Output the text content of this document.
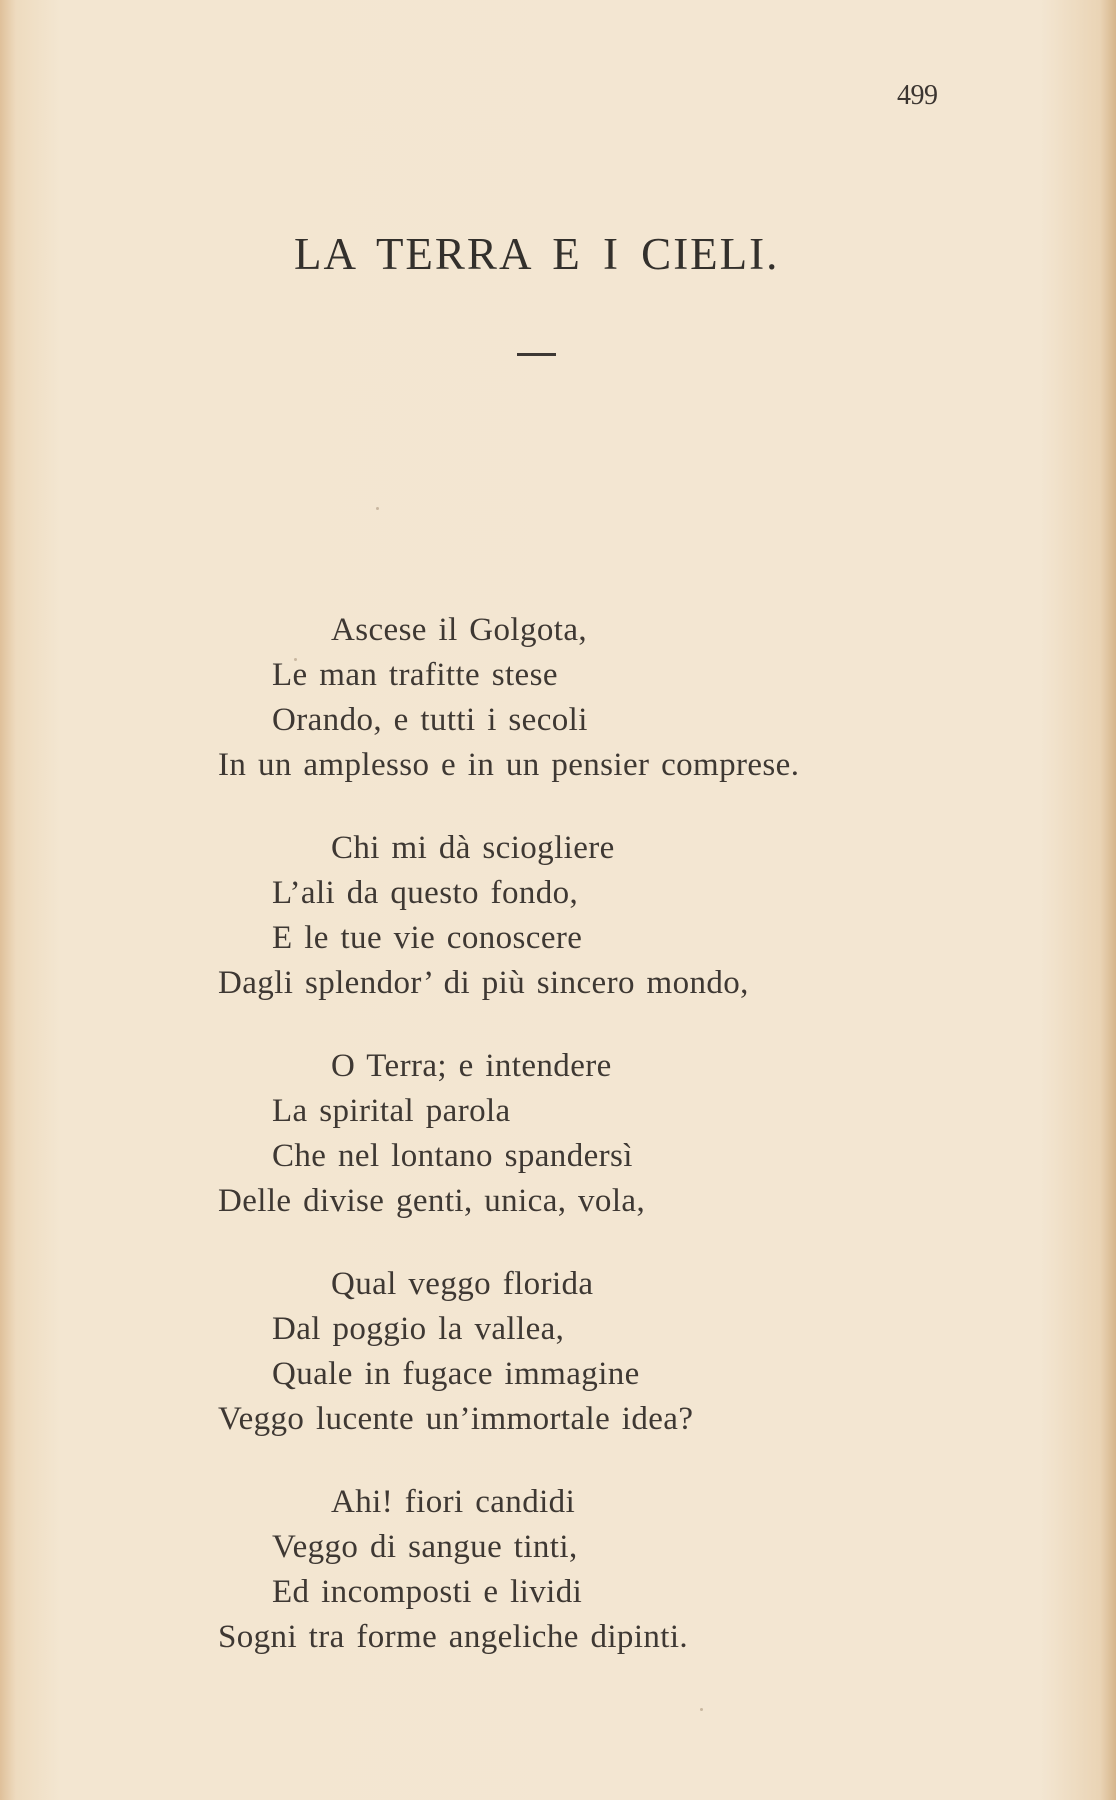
499
LA TERRA E I CIELI.
Ascese il Golgota,
Le man trafitte stese
Orando, e tutti i secoli
In un amplesso e in un pensier comprese.
Chi mi dà sciogliere
L’ali da questo fondo,
E le tue vie conoscere
Dagli splendor’ di più sincero mondo,
O Terra; e intendere
La spirital parola
Che nel lontano spandersì
Delle divise genti, unica, vola,
Qual veggo florida
Dal poggio la vallea,
Quale in fugace immagine
Veggo lucente un’immortale idea?
Ahi! fiori candidi
Veggo di sangue tinti,
Ed incomposti e lividi
Sogni tra forme angeliche dipinti.
